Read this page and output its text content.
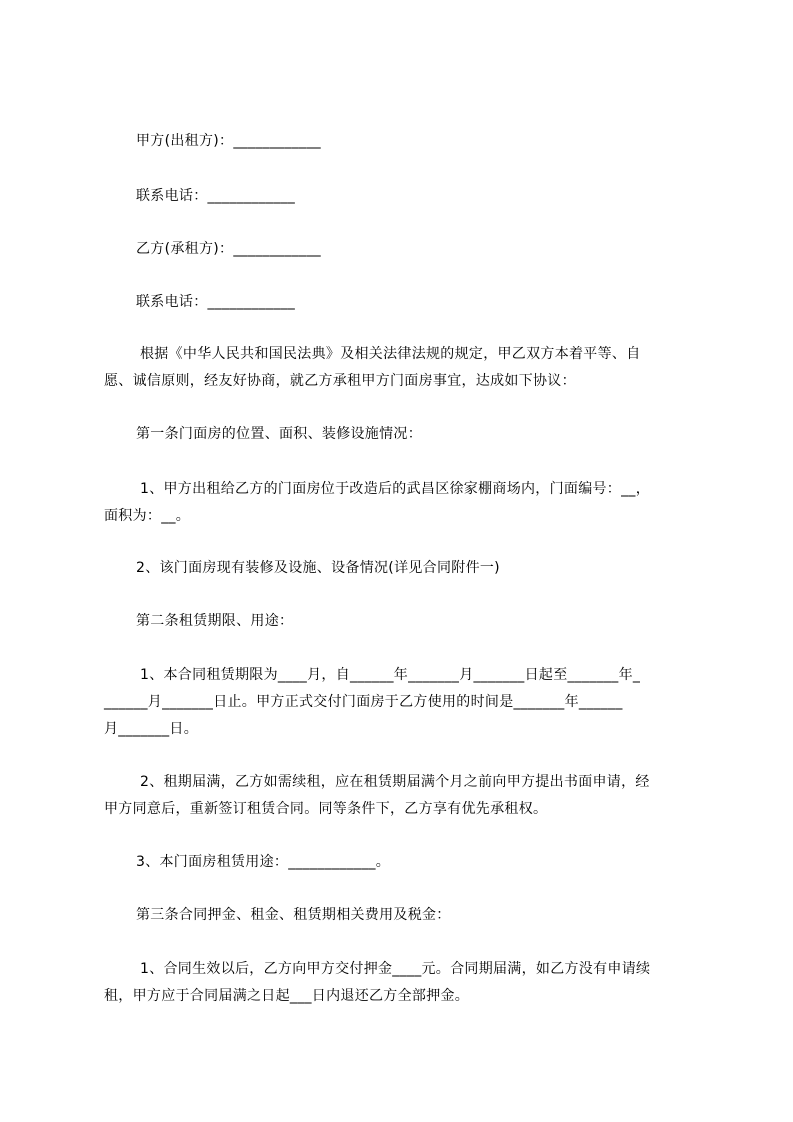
甲方(出租方)：____________
联系电话：____________
乙方(承租方)：____________
联系电话：____________
根据《中华人民共和国民法典》及相关法律法规的规定，甲乙双方本着平等、自
愿、诚信原则，经友好协商，就乙方承租甲方门面房事宜，达成如下协议：
第一条门面房的位置、面积、装修设施情况：
1、甲方出租给乙方的门面房位于改造后的武昌区徐家棚商场内，门面编号：__，
面积为：__。
2、该门面房现有装修及设施、设备情况(详见合同附件一)
第二条租赁期限、用途：
1、本合同租赁期限为____月，自______年_______月_______日起至_______年_
______月_______日止。甲方正式交付门面房于乙方使用的时间是_______年______
月_______日。
2、租期届满，乙方如需续租，应在租赁期届满个月之前向甲方提出书面申请，经
甲方同意后，重新签订租赁合同。同等条件下，乙方享有优先承租权。
3、本门面房租赁用途：____________。
第三条合同押金、租金、租赁期相关费用及税金：
1、合同生效以后，乙方向甲方交付押金____元。合同期届满，如乙方没有申请续
租，甲方应于合同届满之日起___日内退还乙方全部押金。
